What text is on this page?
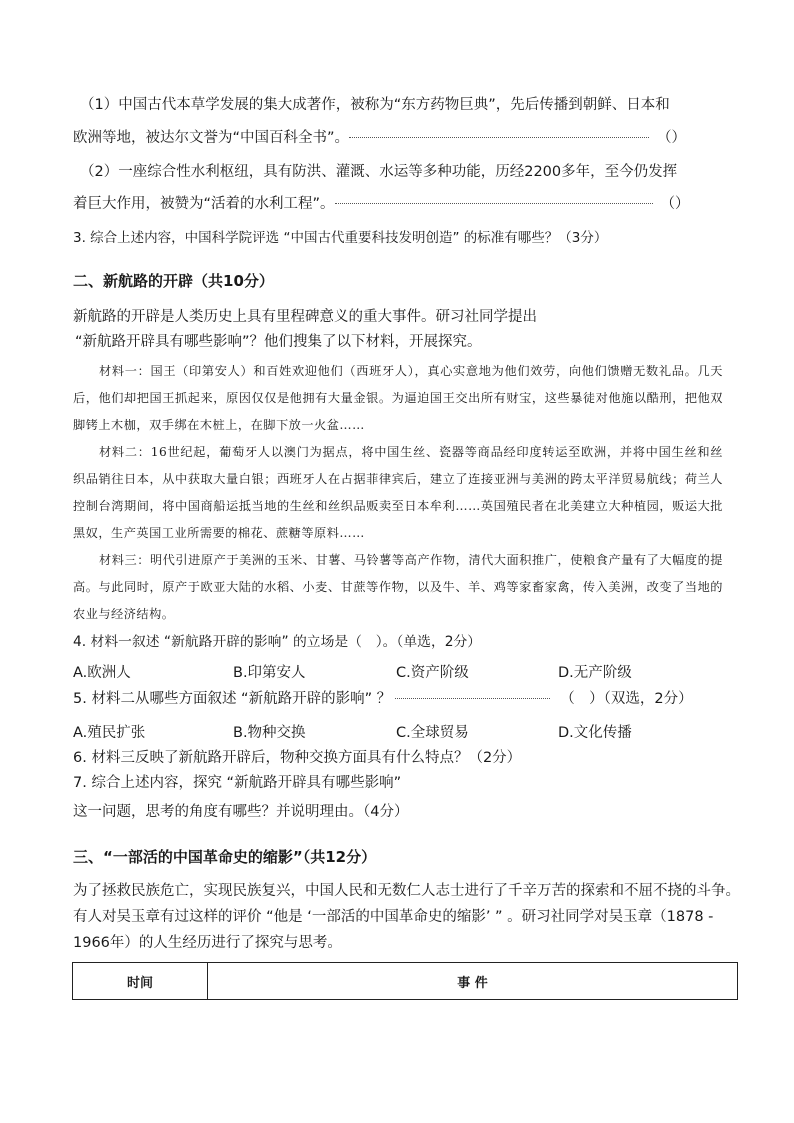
（1）中国古代本草学发展的集大成著作，被称为“东方药物巨典”，先后传播到朝鲜、日本和
欧洲等地，被达尔文誉为“中国百科全书”。	（）
（2）一座综合性水利枢纽，具有防洪、灌溉、水运等多种功能，历经2200多年，至今仍发挥
着巨大作用，被赞为“活着的水利工程”。	（）
3. 综合上述内容，中国科学院评选 “中国古代重要科技发明创造” 的标准有哪些？（3分）
二、新航路的开辟（共10分）
新航路的开辟是人类历史上具有里程碑意义的重大事件。研习社同学提出
“新航路开辟具有哪些影响”？他们搜集了以下材料，开展探究。

材料一：国王（印第安人）和百姓欢迎他们（西班牙人），真心实意地为他们效劳，向他们馈赠无数礼品。几天后，他们却把国王抓起来，原因仅仅是他拥有大量金银。为逼迫国王交出所有财宝，这些暴徒对他施以酷刑，把他双脚铐上木枷，双手绑在木桩上，在脚下放一火盆……

材料二：16世纪起，葡萄牙人以澳门为据点，将中国生丝、瓷器等商品经印度转运至欧洲，并将中国生丝和丝织品销往日本，从中获取大量白银；西班牙人在占据菲律宾后，建立了连接亚洲与美洲的跨太平洋贸易航线；荷兰人控制台湾期间，将中国商船运抵当地的生丝和丝织品贩卖至日本牟利……英国殖民者在北美建立大种植园，贩运大批黑奴，生产英国工业所需要的棉花、蔗糖等原料……

材料三：明代引进原产于美洲的玉米、甘薯、马铃薯等高产作物，清代大面积推广，使粮食产量有了大幅度的提高。与此同时，原产于欧亚大陆的水稻、小麦、甘蔗等作物，以及牛、羊、鸡等家畜家禽，传入美洲，改变了当地的农业与经济结构。

4. 材料一叙述 “新航路开辟的影响” 的立场是（　）。（单选，2分）
A.欧洲人	B.印第安人	C.资产阶级	D.无产阶级
5. 材料二从哪些方面叙述 “新航路开辟的影响” ？	（　）（双选，2分）
A.殖民扩张	B.物种交换	C.全球贸易	D.文化传播
6. 材料三反映了新航路开辟后，物种交换方面具有什么特点？（2分）
7. 综合上述内容，探究 “新航路开辟具有哪些影响”
这一问题，思考的角度有哪些？并说明理由。（4分）
三、“一部活的中国革命史的缩影”（共12分）
为了拯救民族危亡，实现民族复兴，中国人民和无数仁人志士进行了千辛万苦的探索和不屈不挠的斗争。
有人对吴玉章有过这样的评价 “他是 ‘一部活的中国革命史的缩影’ ” 。研习社同学对吴玉章（1878 -
1966年）的人生经历进行了探究与思考。
时间	事 件
